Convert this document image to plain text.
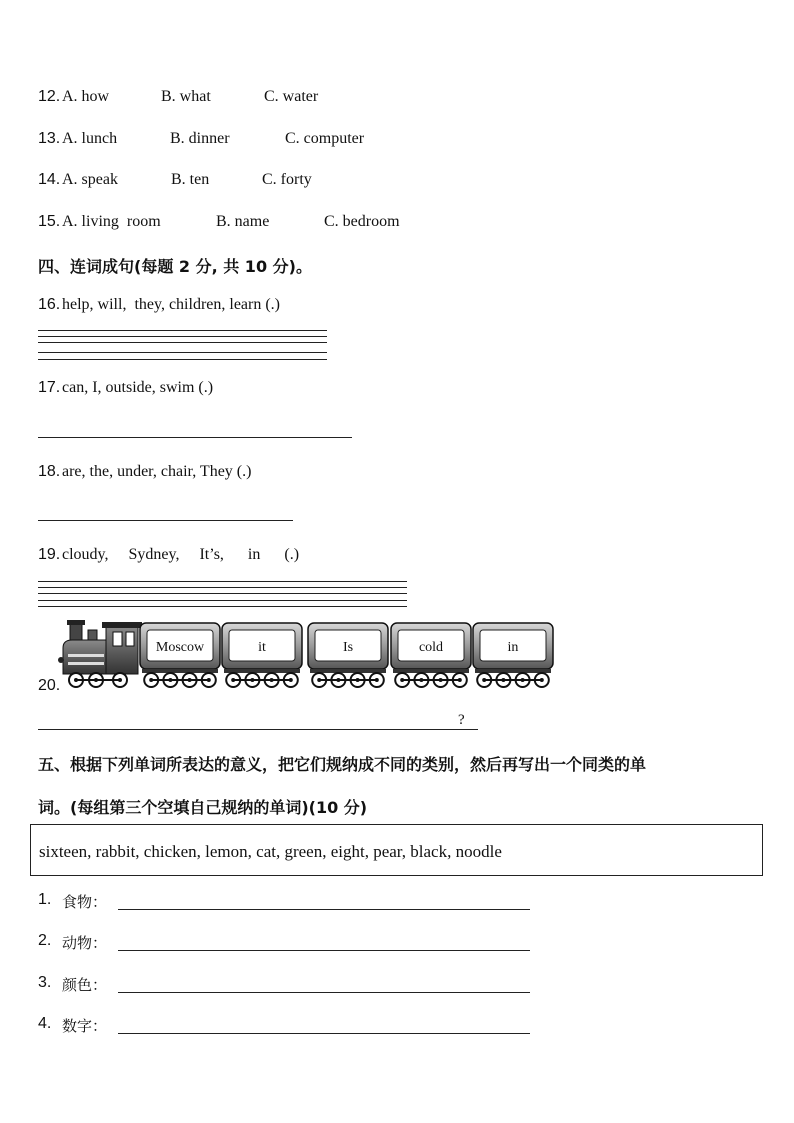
12. A. how	B. what	C. water
13. A. lunch	B. dinner	C. computer
14. A. speak	B. ten	C. forty
15. A. living  room	B. name	C. bedroom
四、连词成句(每题 2 分, 共 10 分)。
16.
help, will,  they, children, learn (.)
17. can, I, outside, swim (.)
18. are, the, under, chair, They (.)
19. cloudy,     Sydney,     It’s,      in      (.)
20.
Moscow	it	Is	cold	in
?
五、根据下列单词所表达的意义，把它们规纳成不同的类别，然后再写出一个同类的单
词。(每组第三个空填自己规纳的单词)(10 分)
sixteen, rabbit, chicken, lemon, cat, green, eight, pear, black, noodle
1. 食物：
2. 动物：
3. 颜色：
4. 数字：
